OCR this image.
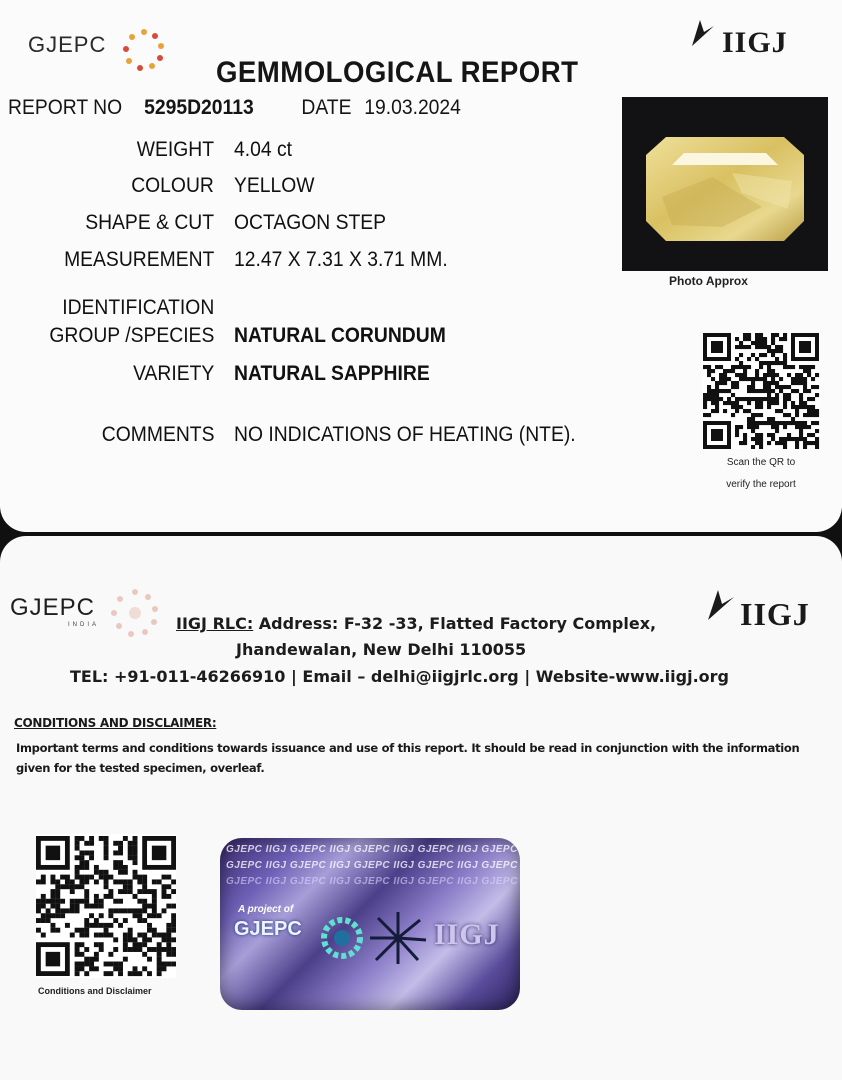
GJEPC	IIGJ
GEMMOLOGICAL REPORT
REPORT NO 5295D20113 DATE 19.03.2024
WEIGHT 4.04 ct
COLOUR YELLOW
SHAPE & CUT OCTAGON STEP
MEASUREMENT 12.47 X 7.31 X 3.71 MM.
IDENTIFICATION
GROUP /SPECIES NATURAL CORUNDUM
VARIETY NATURAL SAPPHIRE
COMMENTS NO INDICATIONS OF HEATING (NTE).
Photo Approx
Scan the QR to
verify the report
GJEPC
INDIA	IIGJ
IIGJ RLC: Address: F-32 -33, Flatted Factory Complex,
Jhandewalan, New Delhi 110055
TEL: +91-011-46266910 | Email – delhi@iigjrlc.org | Website-www.iigj.org
CONDITIONS AND DISCLAIMER:
Important terms and conditions towards issuance and use of this report. It should be read in conjunction with the information given for the tested specimen, overleaf.
Conditions and Disclaimer
GJEPC IIGJ GJEPC IIGJ GJEPC IIGJ GJEPC IIGJ GJEPC
GJEPC IIGJ GJEPC IIGJ GJEPC IIGJ GJEPC IIGJ GJEPC
GJEPC IIGJ GJEPC IIGJ GJEPC IIGJ GJEPC IIGJ GJEPC
A project of
GJEPC	IIGJ
